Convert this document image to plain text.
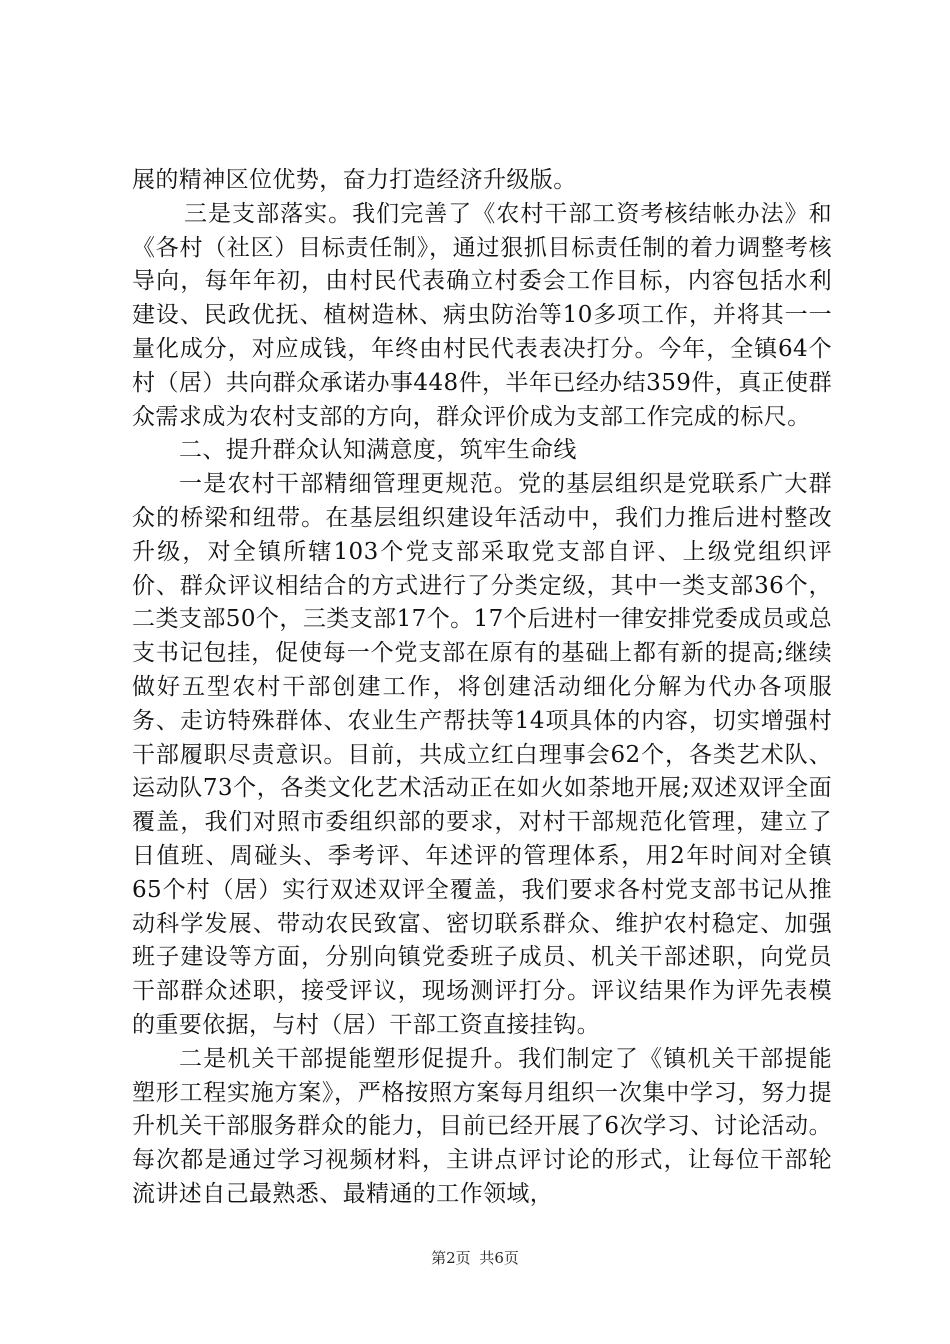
展的精神区位优势，奋力打造经济升级版。

三是支部落实。我们完善了《农村干部工资考核结帐办法》和《各村（社区）目标责任制》，通过狠抓目标责任制的着力调整考核导向，每年年初，由村民代表确立村委会工作目标，内容包括水利建设、民政优抚、植树造林、病虫防治等10多项工作，并将其一一量化成分，对应成钱，年终由村民代表表决打分。今年，全镇64个村（居）共向群众承诺办事448件，半年已经办结359件，真正使群众需求成为农村支部的方向，群众评价成为支部工作完成的标尺。

二、提升群众认知满意度，筑牢生命线

一是农村干部精细管理更规范。党的基层组织是党联系广大群众的桥梁和纽带。在基层组织建设年活动中，我们力推后进村整改升级，对全镇所辖103个党支部采取党支部自评、上级党组织评价、群众评议相结合的方式进行了分类定级，其中一类支部36个，二类支部50个，三类支部17个。17个后进村一律安排党委成员或总支书记包挂，促使每一个党支部在原有的基础上都有新的提高;继续做好五型农村干部创建工作，将创建活动细化分解为代办各项服务、走访特殊群体、农业生产帮扶等14项具体的内容，切实增强村干部履职尽责意识。目前，共成立红白理事会62个，各类艺术队、运动队73个，各类文化艺术活动正在如火如荼地开展;双述双评全面覆盖，我们对照市委组织部的要求，对村干部规范化管理，建立了日值班、周碰头、季考评、年述评的管理体系，用2年时间对全镇65个村（居）实行双述双评全覆盖，我们要求各村党支部书记从推动科学发展、带动农民致富、密切联系群众、维护农村稳定、加强班子建设等方面，分别向镇党委班子成员、机关干部述职，向党员干部群众述职，接受评议，现场测评打分。评议结果作为评先表模的重要依据，与村（居）干部工资直接挂钩。

二是机关干部提能塑形促提升。我们制定了《镇机关干部提能塑形工程实施方案》，严格按照方案每月组织一次集中学习，努力提升机关干部服务群众的能力，目前已经开展了6次学习、讨论活动。每次都是通过学习视频材料，主讲点评讨论的形式，让每位干部轮流讲述自己最熟悉、最精通的工作领域，

第2页 共6页
